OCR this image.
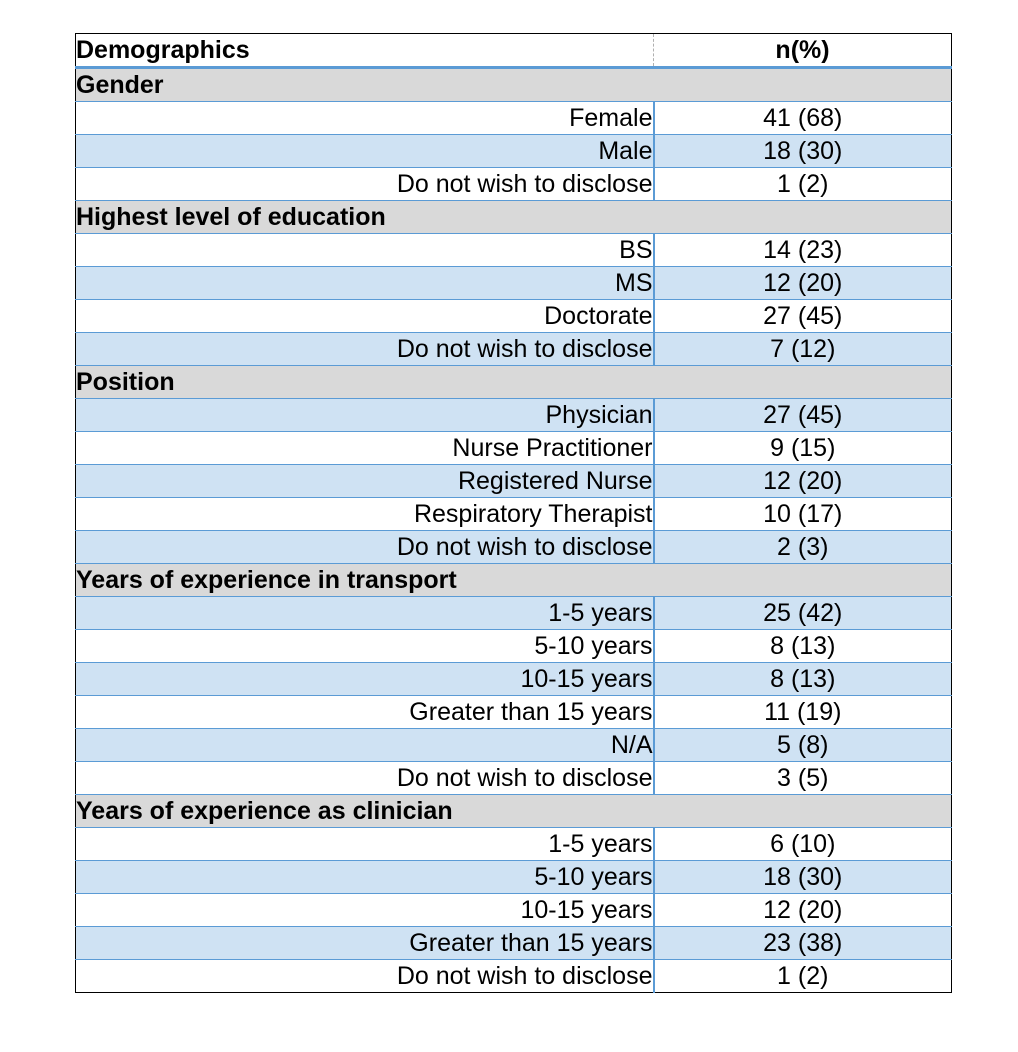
Demographics	n(%)
Gender	
Female	41 (68)
Male	18 (30)
Do not wish to disclose	1 (2)
Highest level of education	
BS	14 (23)
MS	12 (20)
Doctorate	27 (45)
Do not wish to disclose	7 (12)
Position	
Physician	27 (45)
Nurse Practitioner	9 (15)
Registered Nurse	12 (20)
Respiratory Therapist	10 (17)
Do not wish to disclose	2 (3)
Years of experience in transport	
1-5 years	25 (42)
5-10 years	8 (13)
10-15 years	8 (13)
Greater than 15 years	11 (19)
N/A	5 (8)
Do not wish to disclose	3 (5)
Years of experience as clinician	
1-5 years	6 (10)
5-10 years	18 (30)
10-15 years	12 (20)
Greater than 15 years	23 (38)
Do not wish to disclose	1 (2)
